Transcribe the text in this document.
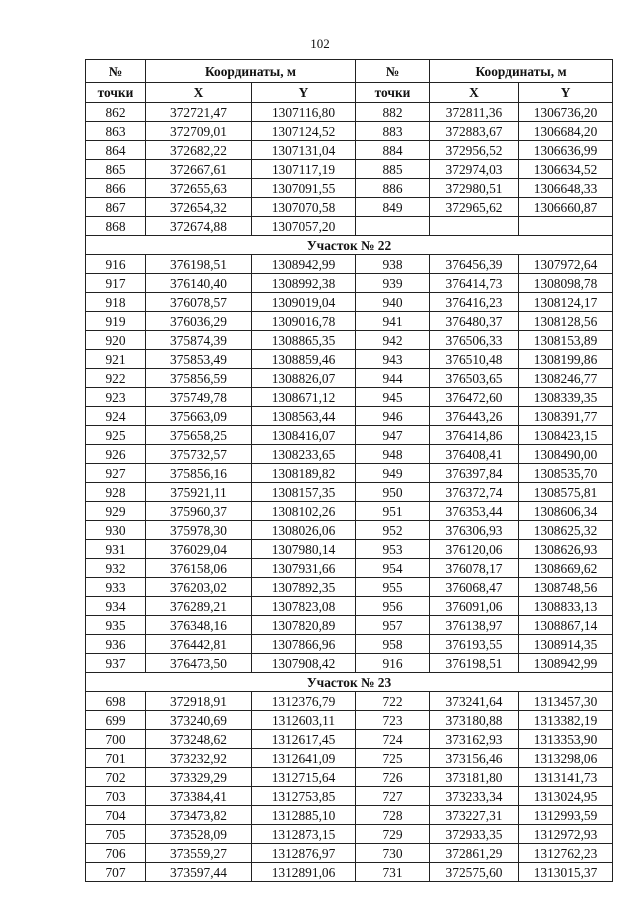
102
№	Координаты, м		№	Координаты, м	
точки	X	Y	точки	X	Y
862	372721,47	1307116,80	882	372811,36	1306736,20
863	372709,01	1307124,52	883	372883,67	1306684,20
864	372682,22	1307131,04	884	372956,52	1306636,99
865	372667,61	1307117,19	885	372974,03	1306634,52
866	372655,63	1307091,55	886	372980,51	1306648,33
867	372654,32	1307070,58	849	372965,62	1306660,87
868	372674,88	1307057,20			
Участок № 22					
916	376198,51	1308942,99	938	376456,39	1307972,64
917	376140,40	1308992,38	939	376414,73	1308098,78
918	376078,57	1309019,04	940	376416,23	1308124,17
919	376036,29	1309016,78	941	376480,37	1308128,56
920	375874,39	1308865,35	942	376506,33	1308153,89
921	375853,49	1308859,46	943	376510,48	1308199,86
922	375856,59	1308826,07	944	376503,65	1308246,77
923	375749,78	1308671,12	945	376472,60	1308339,35
924	375663,09	1308563,44	946	376443,26	1308391,77
925	375658,25	1308416,07	947	376414,86	1308423,15
926	375732,57	1308233,65	948	376408,41	1308490,00
927	375856,16	1308189,82	949	376397,84	1308535,70
928	375921,11	1308157,35	950	376372,74	1308575,81
929	375960,37	1308102,26	951	376353,44	1308606,34
930	375978,30	1308026,06	952	376306,93	1308625,32
931	376029,04	1307980,14	953	376120,06	1308626,93
932	376158,06	1307931,66	954	376078,17	1308669,62
933	376203,02	1307892,35	955	376068,47	1308748,56
934	376289,21	1307823,08	956	376091,06	1308833,13
935	376348,16	1307820,89	957	376138,97	1308867,14
936	376442,81	1307866,96	958	376193,55	1308914,35
937	376473,50	1307908,42	916	376198,51	1308942,99
Участок № 23					
698	372918,91	1312376,79	722	373241,64	1313457,30
699	373240,69	1312603,11	723	373180,88	1313382,19
700	373248,62	1312617,45	724	373162,93	1313353,90
701	373232,92	1312641,09	725	373156,46	1313298,06
702	373329,29	1312715,64	726	373181,80	1313141,73
703	373384,41	1312753,85	727	373233,34	1313024,95
704	373473,82	1312885,10	728	373227,31	1312993,59
705	373528,09	1312873,15	729	372933,35	1312972,93
706	373559,27	1312876,97	730	372861,29	1312762,23
707	373597,44	1312891,06	731	372575,60	1313015,37
